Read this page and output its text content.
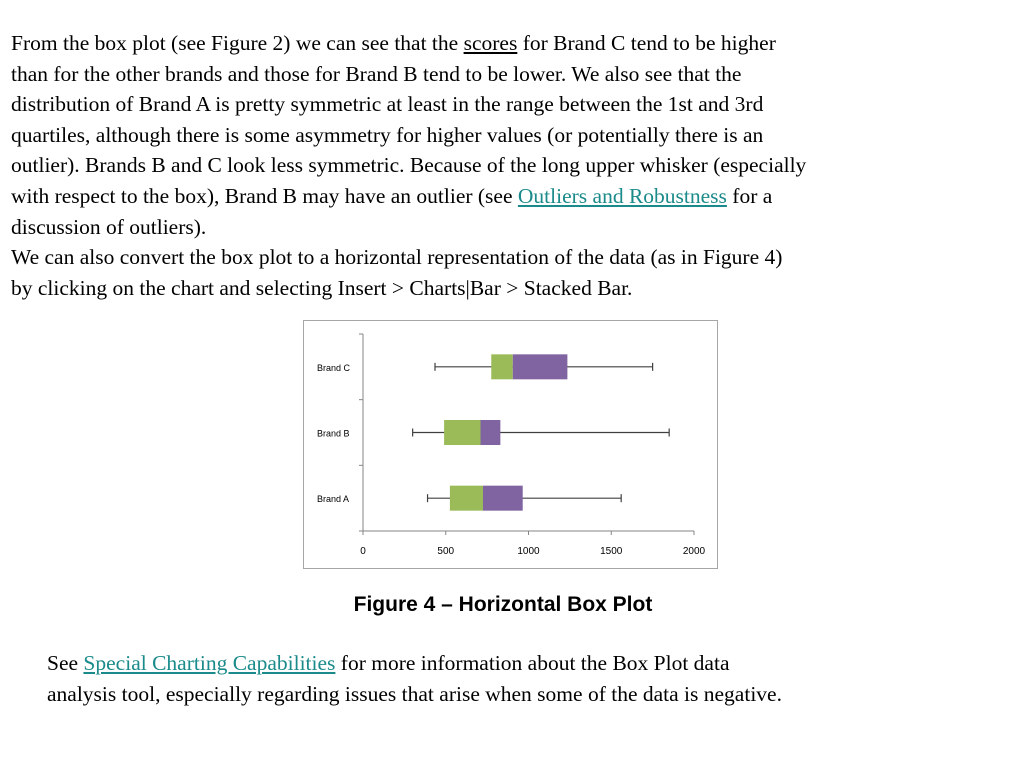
From the box plot (see Figure 2) we can see that the scores for Brand C tend to be higher
than for the other brands and those for Brand B tend to be lower. We also see that the
distribution of Brand A is pretty symmetric at least in the range between the 1st and 3rd
quartiles, although there is some asymmetry for higher values (or potentially there is an
outlier). Brands B and C look less symmetric. Because of the long upper whisker (especially
with respect to the box), Brand B may have an outlier (see Outliers and Robustness for a
discussion of outliers).
We can also convert the box plot to a horizontal representation of the data (as in Figure 4)
by clicking on the chart and selecting Insert > Charts|Bar > Stacked Bar.
0	500	1000	1500	2000
Brand C
Brand B
Brand A
Figure 4 – Horizontal Box Plot
See Special Charting Capabilities for more information about the Box Plot data
analysis tool, especially regarding issues that arise when some of the data is negative.
